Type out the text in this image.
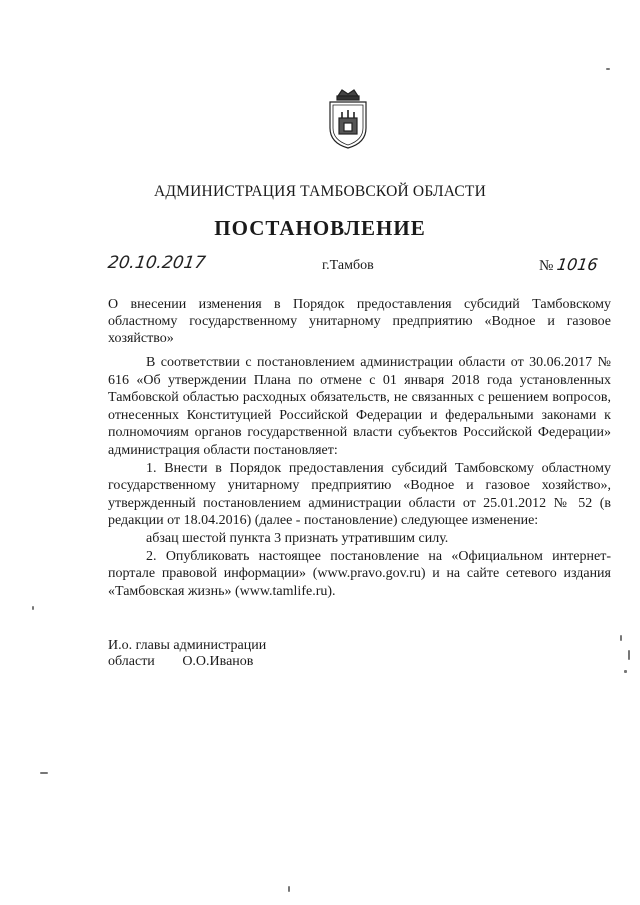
АДМИНИСТРАЦИЯ ТАМБОВСКОЙ ОБЛАСТИ
ПОСТАНОВЛЕНИЕ
20.10.2017	г.Тамбов	№ 1016
О внесении изменения в Порядок предоставления субсидий Тамбовскому областному государственному унитарному предприятию «Водное и газовое хозяйство»

В соответствии с постановлением администрации области от 30.06.2017 № 616 «Об утверждении Плана по отмене с 01 января 2018 года установленных Тамбовской областью расходных обязательств, не связанных с решением вопросов, отнесенных Конституцией Российской Федерации и федеральными законами к полномочиям органов государственной власти субъектов Российской Федерации» администрация области постановляет:

1. Внести в Порядок предоставления субсидий Тамбовскому областному государственному унитарному предприятию «Водное и газовое хозяйство», утвержденный постановлением администрации области от 25.01.2012 № 52 (в редакции от 18.04.2016) (далее - постановление) следующее изменение:

абзац шестой пункта 3 признать утратившим силу.

2. Опубликовать настоящее постановление на «Официальном интернет-портале правовой информации» (www.pravo.gov.ru) и на сайте сетевого издания «Тамбовская жизнь» (www.tamlife.ru).

И.о. главы администрации
области О.О.Иванов
